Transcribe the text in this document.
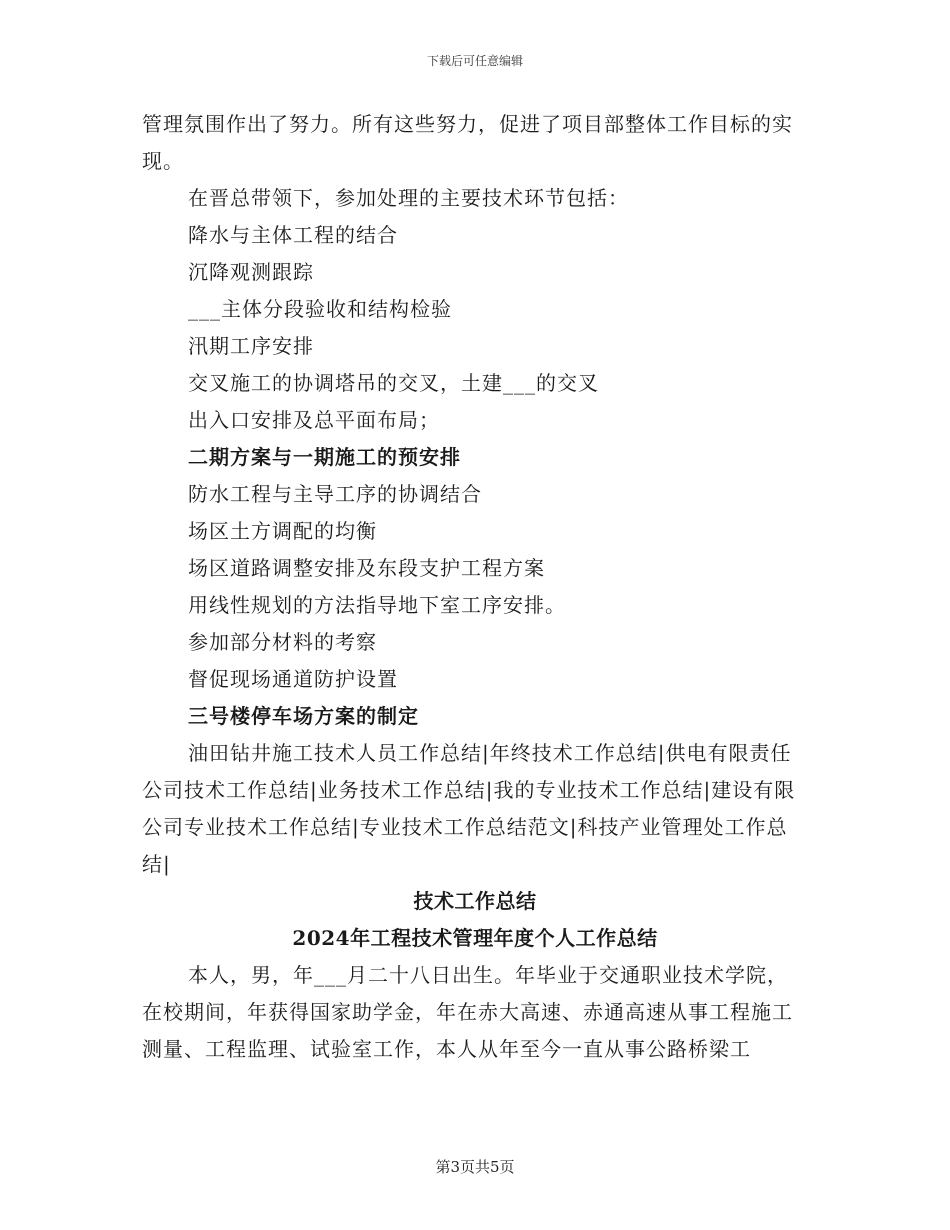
下载后可任意编辑

管理氛围作出了努力。所有这些努力，促进了项目部整体工作目标的实现。

在晋总带领下，参加处理的主要技术环节包括：

降水与主体工程的结合

沉降观测跟踪

___主体分段验收和结构检验

汛期工序安排

交叉施工的协调塔吊的交叉，土建___的交叉

出入口安排及总平面布局；

二期方案与一期施工的预安排

防水工程与主导工序的协调结合

场区土方调配的均衡

场区道路调整安排及东段支护工程方案

用线性规划的方法指导地下室工序安排。

参加部分材料的考察

督促现场通道防护设置

三号楼停车场方案的制定

油田钻井施工技术人员工作总结|年终技术工作总结|供电有限责任公司技术工作总结|业务技术工作总结|我的专业技术工作总结|建设有限公司专业技术工作总结|专业技术工作总结范文|科技产业管理处工作总结|

技术工作总结

2024年工程技术管理年度个人工作总结

本人，男，年___月二十八日出生。年毕业于交通职业技术学院，在校期间，年获得国家助学金，年在赤大高速、赤通高速从事工程施工测量、工程监理、试验室工作，本人从年至今一直从事公路桥梁工

第3页共5页
